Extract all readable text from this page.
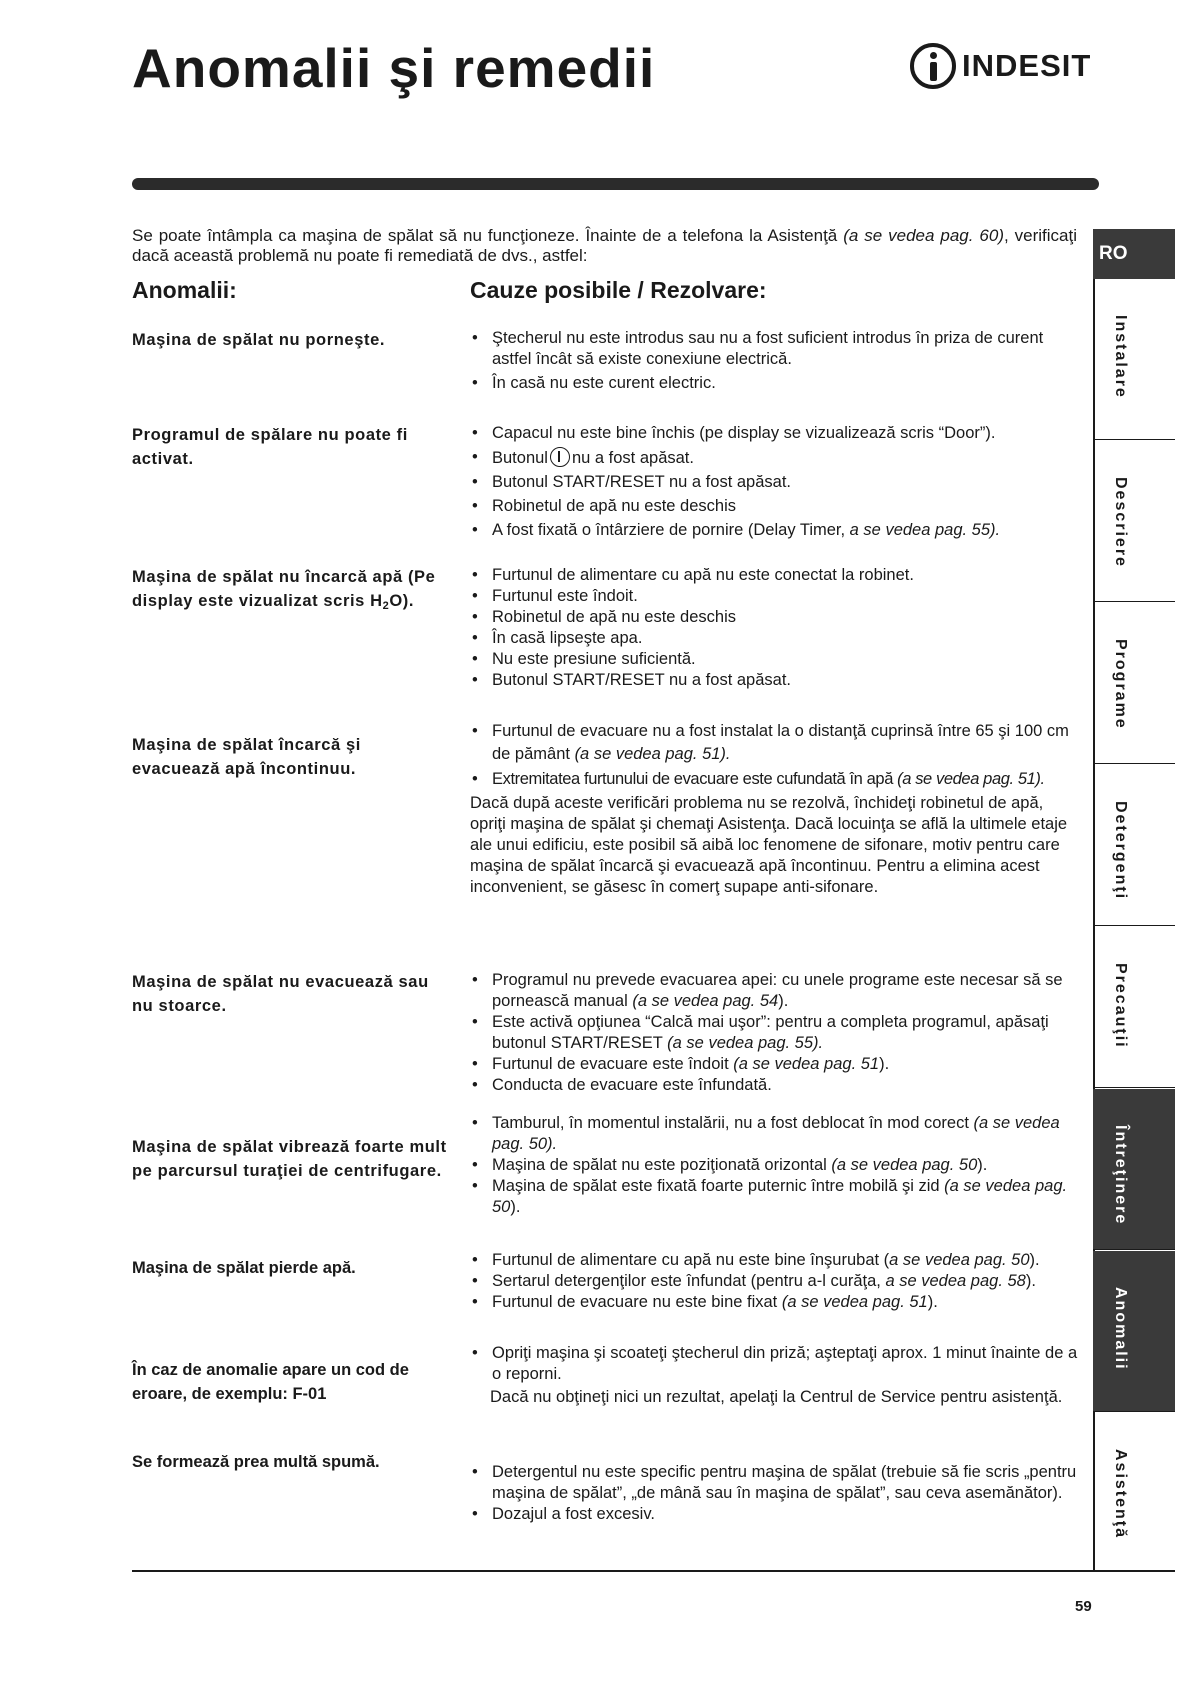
Anomalii şi remedii	INDESIT

Se poate întâmpla ca maşina de spălat să nu funcţioneze. Înainte de a telefona la Asistenţă (a se vedea pag. 60), verificaţi dacă această problemă nu poate fi remediată de dvs., astfel:

Anomalii:	Cauze posibile / Rezolvare:
Maşina de spălat nu porneşte.	• Ştecherul nu este introdus sau nu a fost suficient introdus în priza de curent astfel încât să existe conexiune electrică.
• În casă nu este curent electric.
Programul de spălare nu poate fi activat.
• Capacul nu este bine închis (pe display se vizualizează scris “Door”).
• Butonul nu a fost apăsat.
• Butonul START/RESET nu a fost apăsat.
• Robinetul de apă nu este deschis
• A fost fixată o întârziere de pornire (Delay Timer, a se vedea pag. 55).
Maşina de spălat nu încarcă apă (Pe display este vizualizat scris $H_2O$).
• Furtunul de alimentare cu apă nu este conectat la robinet.
• Furtunul este îndoit.
• Robinetul de apă nu este deschis
• În casă lipseşte apa.
• Nu este presiune suficientă.
• Butonul START/RESET nu a fost apăsat.
Maşina de spălat încarcă şi evacuează apă încontinuu.
• Furtunul de evacuare nu a fost instalat la o distanţă cuprinsă între 65 şi 100 cm de pământ (a se vedea pag. 51).
• Extremitatea furtunului de evacuare este cufundată în apă (a se vedea pag. 51).

Dacă după aceste verificări problema nu se rezolvă, închideţi robinetul de apă, opriţi maşina de spălat şi chemaţi Asistenţa. Dacă locuinţa se află la ultimele etaje ale unui edificiu, este posibil să aibă loc fenomene de sifonare, motiv pentru care maşina de spălat încarcă şi evacuează apă încontinuu. Pentru a elimina acest inconvenient, se găsesc în comerţ supape anti-sifonare.

Maşina de spălat nu evacuează sau nu stoarce.
• Programul nu prevede evacuarea apei: cu unele programe este necesar să se pornească manual (a se vedea pag. 54).
• Este activă opţiunea “Calcă mai uşor”: pentru a completa programul, apăsaţi butonul START/RESET (a se vedea pag. 55).
• Furtunul de evacuare este îndoit (a se vedea pag. 51).
• Conducta de evacuare este înfundată.
Maşina de spălat vibrează foarte mult pe parcursul turaţiei de centrifugare.
• Tamburul, în momentul instalării, nu a fost deblocat în mod corect (a se vedea pag. 50).
• Maşina de spălat nu este poziţionată orizontal (a se vedea pag. 50).
• Maşina de spălat este fixată foarte puternic între mobilă şi zid (a se vedea pag. 50).
Maşina de spălat pierde apă.	• Furtunul de alimentare cu apă nu este bine înşurubat (a se vedea pag. 50).
• Sertarul detergenţilor este înfundat (pentru a-l curăţa, a se vedea pag. 58).
• Furtunul de evacuare nu este bine fixat (a se vedea pag. 51).
În caz de anomalie apare un cod de eroare, de exemplu: F-01
• Opriţi maşina şi scoateţi ştecherul din priză; aşteptaţi aprox. 1 minut înainte de a o reporni.

Dacă nu obţineţi nici un rezultat, apelaţi la Centrul de Service pentru asistenţă.

Se formează prea multă spumă.
• Detergentul nu este specific pentru maşina de spălat (trebuie să fie scris „pentru maşina de spălat”, „de mână sau în maşina de spălat”, sau ceva asemănător).
• Dozajul a fost excesiv.
59
RO
Instalare
Descriere
Programe
Detergenţi
Precauţii
Întreţinere
Anomalii
Asistenţă
